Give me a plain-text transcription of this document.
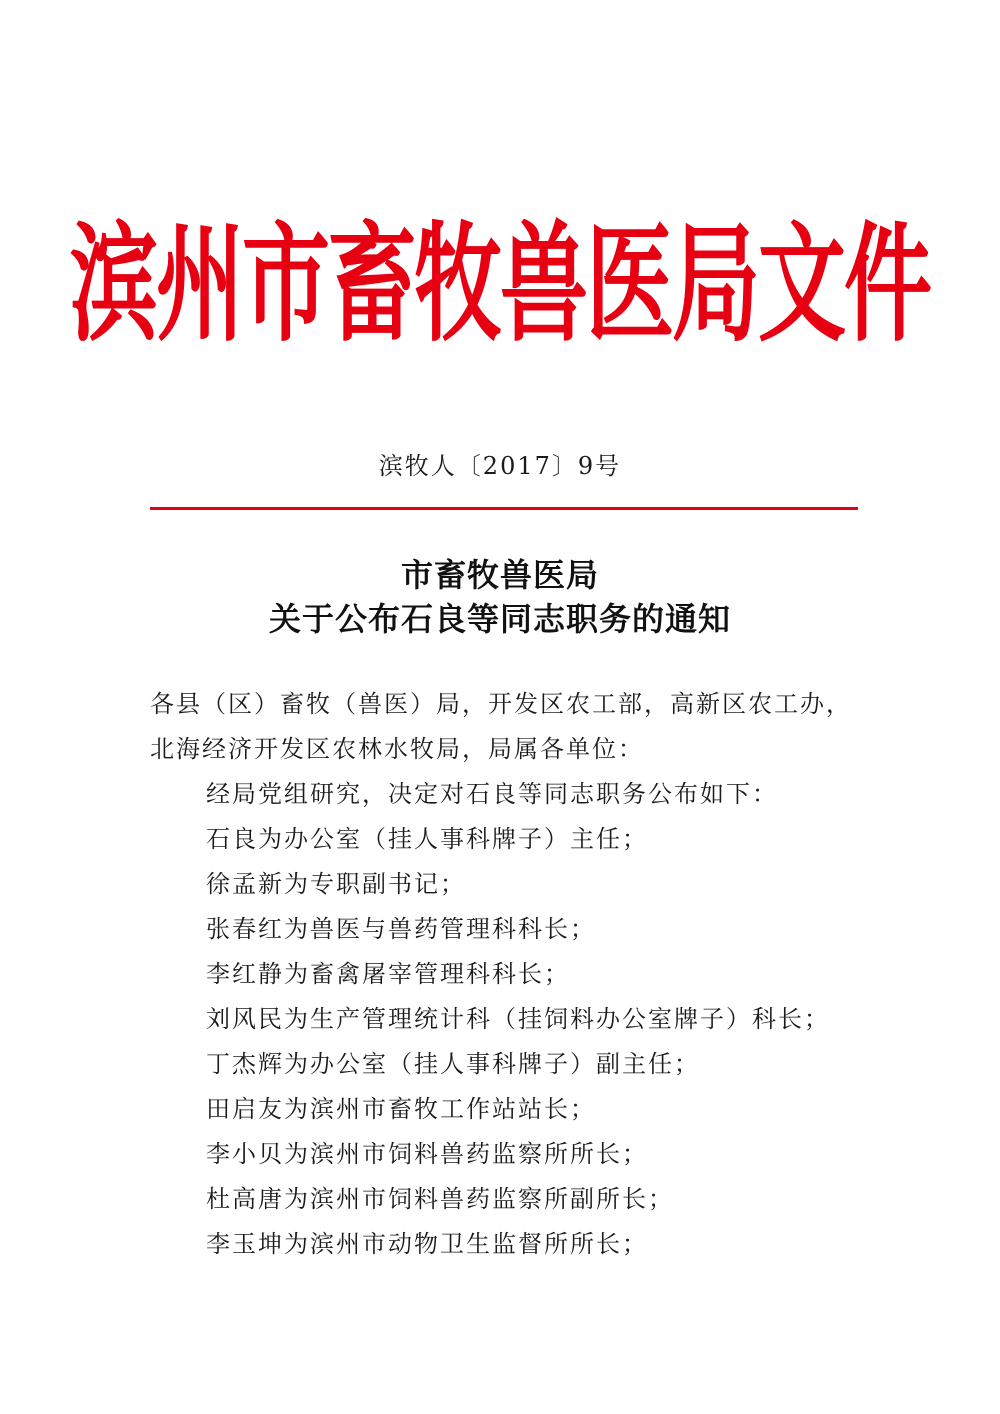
滨州市畜牧兽医局文件
滨牧人〔2017〕9号
市畜牧兽医局
关于公布石良等同志职务的通知
各县（区）畜牧（兽医）局，开发区农工部，高新区农工办，
北海经济开发区农林水牧局，局属各单位：
经局党组研究，决定对石良等同志职务公布如下：
石良为办公室（挂人事科牌子）主任；
徐孟新为专职副书记；
张春红为兽医与兽药管理科科长；
李红静为畜禽屠宰管理科科长；
刘风民为生产管理统计科（挂饲料办公室牌子）科长；
丁杰辉为办公室（挂人事科牌子）副主任；
田启友为滨州市畜牧工作站站长；
李小贝为滨州市饲料兽药监察所所长；
杜高唐为滨州市饲料兽药监察所副所长；
李玉坤为滨州市动物卫生监督所所长；
